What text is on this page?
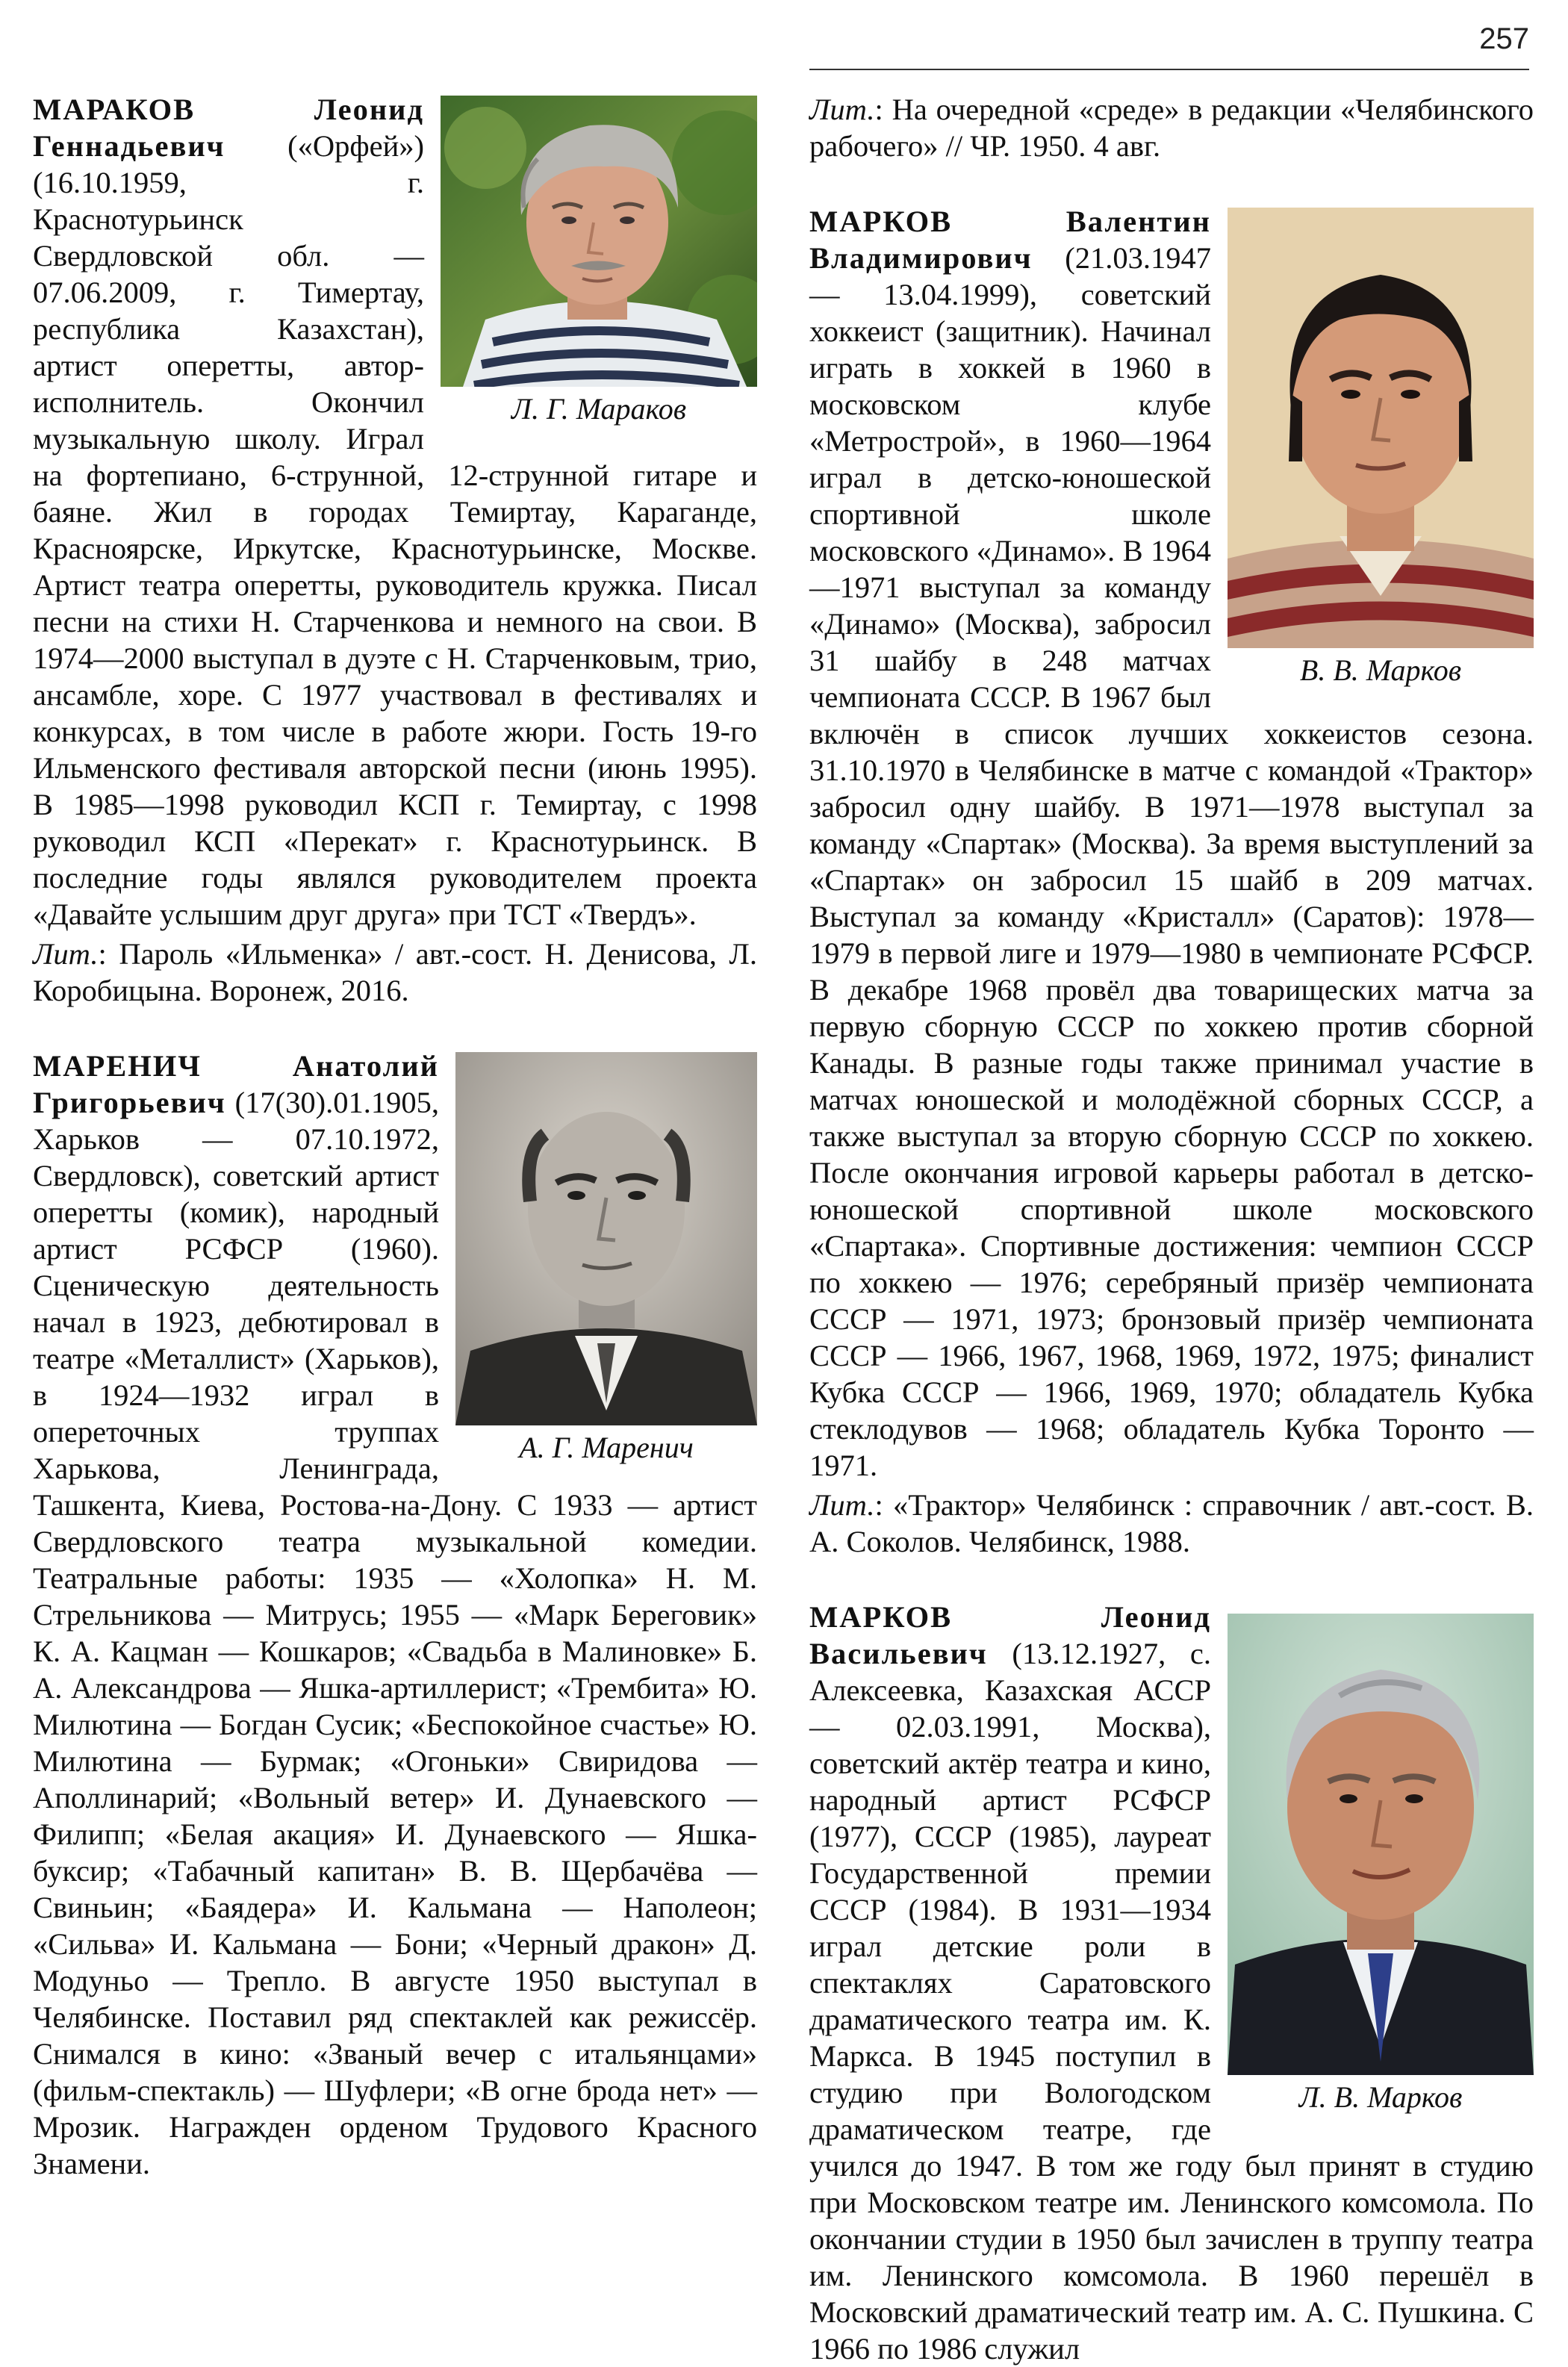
257
Л. Г. Мараков

МАРАКОВ Леонид Геннадьевич («Орфей») (16.10.1959, г. Краснотурьинск Свердловской обл. — 07.06.2009, г. Тимертау, республика Казахстан), артист оперетты, автор-исполнитель. Окончил музыкальную школу. Играл на фортепиано, 6-струнной, 12-струнной гитаре и баяне. Жил в городах Темиртау, Караганде, Красноярске, Иркутске, Краснотурьинске, Москве. Артист театра оперетты, руководитель кружка. Писал песни на стихи Н. Старченкова и немного на свои. В 1974—2000 выступал в дуэте с Н. Старченковым, трио, ансамбле, хоре. С 1977 участвовал в фестивалях и конкурсах, в том числе в работе жюри. Гость 19-го Ильменского фестиваля авторской песни (июнь 1995). В 1985—1998 руководил КСП г. Темиртау, с 1998 руководил КСП «Перекат» г. Краснотурьинск. В последние годы являлся руководителем проекта «Давайте услышим друг друга» при ТСТ «Твердъ».

Лит.: Пароль «Ильменка» / авт.-сост. Н. Денисова, Л. Коробицына. Воронеж, 2016.

А. Г. Маренич

МАРЕНИЧ Анатолий Григорьевич (17(30).01.1905, Харьков — 07.10.1972, Свердловск), советский артист оперетты (комик), народный артист РСФСР (1960). Сценическую деятельность начал в 1923, дебютировал в театре «Металлист» (Харьков), в 1924—1932 играл в опереточных труппах Харькова, Ленинграда, Ташкента, Киева, Ростова-на-Дону. С 1933 — артист Свердловского театра музыкальной комедии. Театральные работы: 1935 — «Холопка» Н. М. Стрельникова — Митрусь; 1955 — «Марк Береговик» К. А. Кацман — Кошкаров; «Свадьба в Малиновке» Б. А. Александрова — Яшка-артиллерист; «Трембита» Ю. Милютина — Богдан Сусик; «Беспокойное счастье» Ю. Милютина — Бурмак; «Огоньки» Свиридова — Аполлинарий; «Вольный ветер» И. Дунаевского — Филипп; «Белая акация» И. Дунаевского — Яшка-буксир; «Табачный капитан» В. В. Щербачёва — Свиньин; «Баядера» И. Кальмана — Наполеон; «Сильва» И. Кальмана — Бони; «Черный дракон» Д. Модуньо — Трепло. В августе 1950 выступал в Челябинске. Поставил ряд спектаклей как режиссёр. Снимался в кино: «Званый вечер с итальянцами» (фильм-спектакль) — Шуфлери; «В огне брода нет» — Мрозик. Награжден орденом Трудового Красного Знамени.

Лит.: На очередной «среде» в редакции «Челябинского рабочего» // ЧР. 1950. 4 авг.

В. В. Марков

МАРКОВ Валентин Владимирович (21.03.1947 — 13.04.1999), советский хоккеист (защитник). Начинал играть в хоккей в 1960 в московском клубе «Метрострой», в 1960—1964 играл в детско-юношеской спортивной школе московского «Динамо». В 1964—1971 выступал за команду «Динамо» (Москва), забросил 31 шайбу в 248 матчах чемпионата СССР. В 1967 был включён в список лучших хоккеистов сезона. 31.10.1970 в Челябинске в матче с командой «Трактор» забросил одну шайбу. В 1971—1978 выступал за команду «Спартак» (Москва). За время выступлений за «Спартак» он забросил 15 шайб в 209 матчах. Выступал за команду «Кристалл» (Саратов): 1978—1979 в первой лиге и 1979—1980 в чемпионате РСФСР. В декабре 1968 провёл два товарищеских матча за первую сборную СССР по хоккею против сборной Канады. В разные годы также принимал участие в матчах юношеской и молодёжной сборных СССР, а также выступал за вторую сборную СССР по хоккею. После окончания игровой карьеры работал в детско-юношеской спортивной школе московского «Спартака». Спортивные достижения: чемпион СССР по хоккею — 1976; серебряный призёр чемпионата СССР — 1971, 1973; бронзовый призёр чемпионата СССР — 1966, 1967, 1968, 1969, 1972, 1975; финалист Кубка СССР — 1966, 1969, 1970; обладатель Кубка стеклодувов — 1968; обладатель Кубка Торонто — 1971.

Лит.: «Трактор» Челябинск : справочник / авт.-сост. В. А. Соколов. Челябинск, 1988.

Л. В. Марков

МАРКОВ Леонид Васильевич (13.12.1927, с. Алексеевка, Казахская АССР — 02.03.1991, Москва), советский актёр театра и кино, народный артист РСФСР (1977), СССР (1985), лауреат Государственной премии СССР (1984). В 1931—1934 играл детские роли в спектаклях Саратовского драматического театра им. К. Маркса. В 1945 поступил в студию при Вологодском драматическом театре, где учился до 1947. В том же году был принят в студию при Московском театре им. Ленинского комсомола. По окончании студии в 1950 был зачислен в труппу театра им. Ленинского комсомола. В 1960 перешёл в Московский драматический театр им. А. С. Пушкина. С 1966 по 1986 служил
